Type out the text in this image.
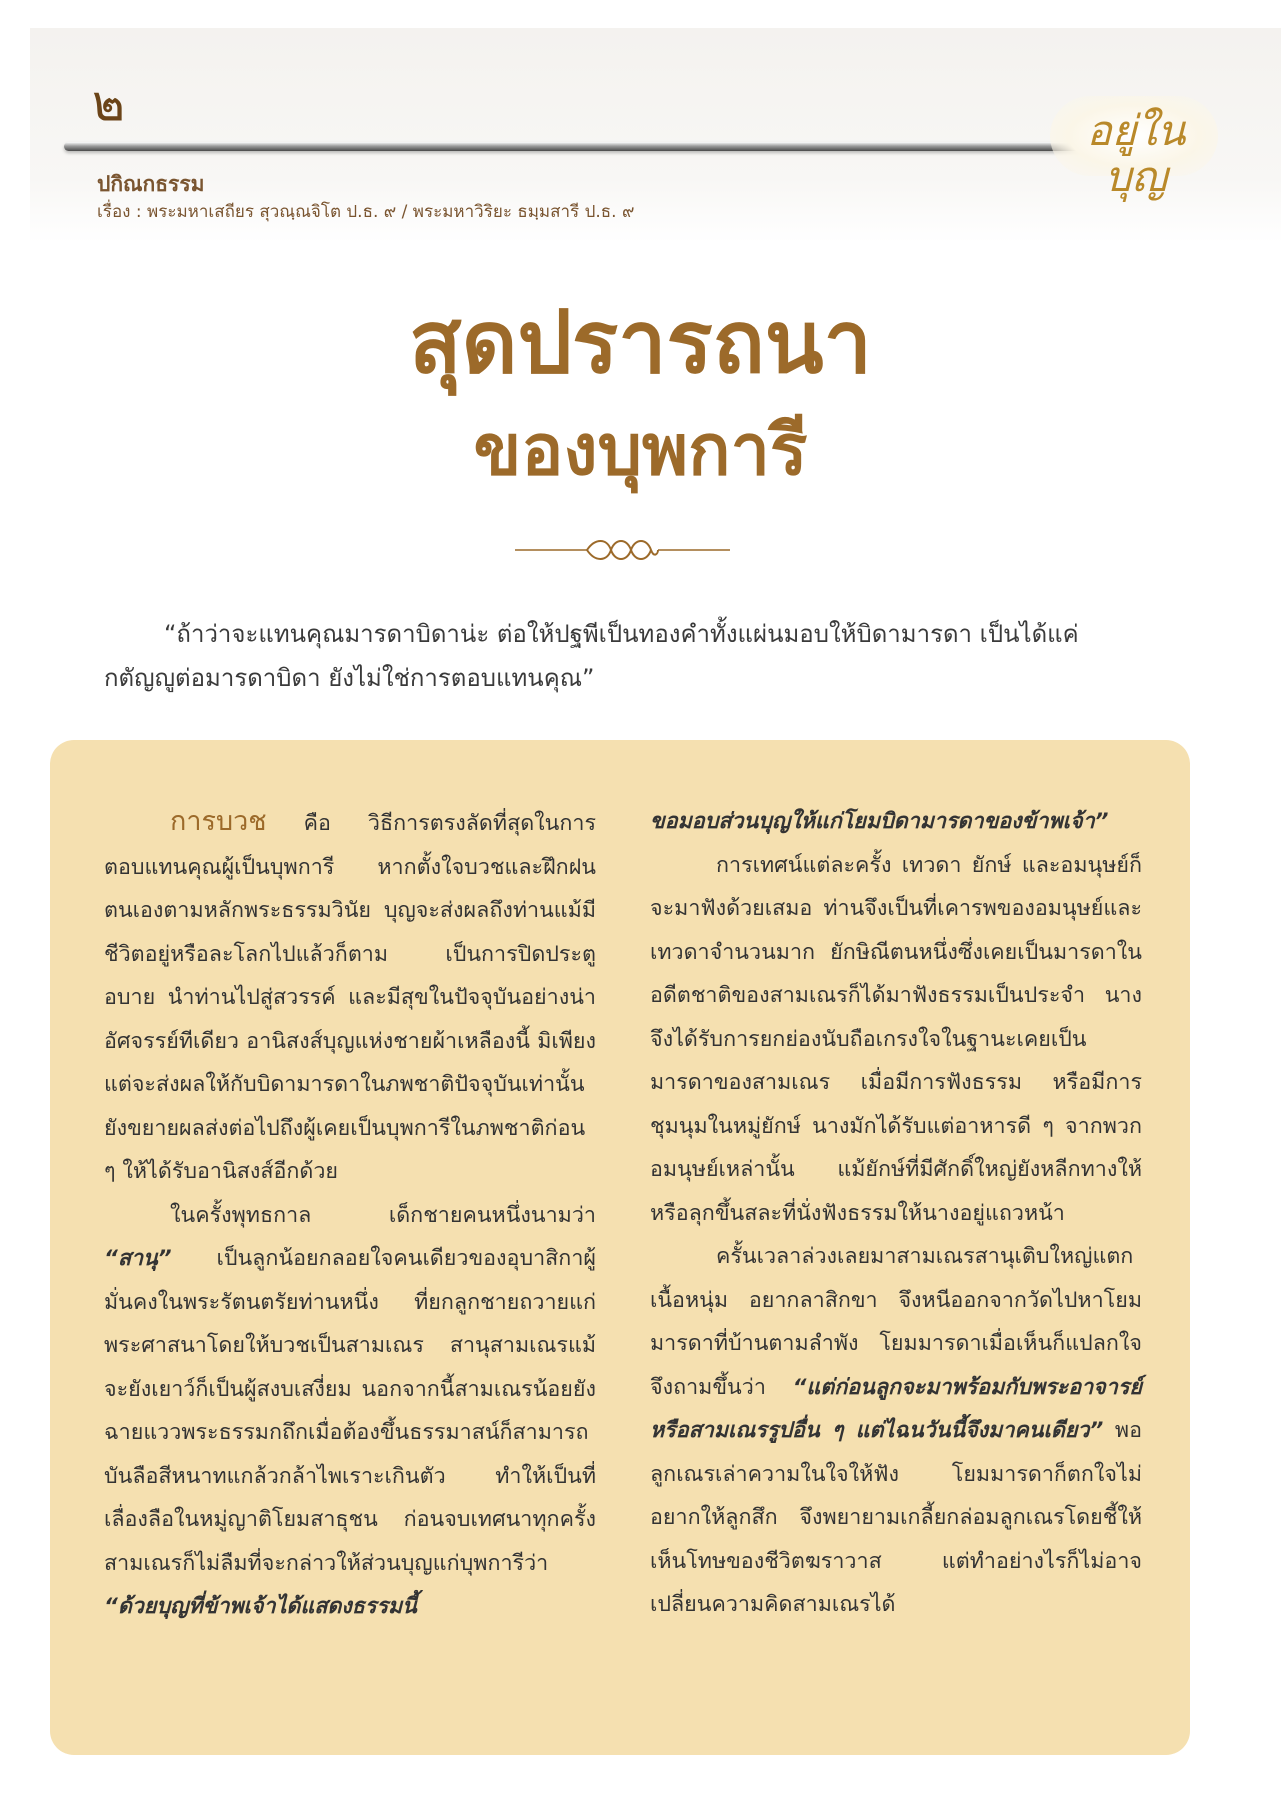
๒	อยู่ในบุญ
ปกิณกธรรม
เรื่อง : พระมหาเสถียร สุวณฺณจิโต ป.ธ. ๙ / พระมหาวิริยะ ธมฺมสารี ป.ธ. ๙
สุดปรารถนา
ของบุพการี
“ถ้าว่าจะแทนคุณมารดาบิดาน่ะ ต่อให้ปฐพีเป็นทองคำทั้งแผ่นมอบให้บิดามารดา เป็นได้แค่กตัญญูต่อมารดาบิดา ยังไม่ใช่การตอบแทนคุณ”

การบวช คือ วิธีการตรงลัดที่สุดในการตอบแทนคุณผู้เป็นบุพการี หากตั้งใจบวชและฝึกฝนตนเองตามหลักพระธรรมวินัย บุญจะส่งผลถึงท่านแม้มีชีวิตอยู่หรือละโลกไปแล้วก็ตาม เป็นการปิดประตูอบาย นำท่านไปสู่สวรรค์ และมีสุขในปัจจุบันอย่างน่าอัศจรรย์ทีเดียว อานิสงส์บุญแห่งชายผ้าเหลืองนี้ มิเพียงแต่จะส่งผลให้กับบิดามารดาในภพชาติปัจจุบันเท่านั้น ยังขยายผลส่งต่อไปถึงผู้เคยเป็นบุพการีในภพชาติก่อน ๆ ให้ได้รับอานิสงส์อีกด้วย

ในครั้งพุทธกาล เด็กชายคนหนึ่งนามว่า “สานุ” เป็นลูกน้อยกลอยใจคนเดียวของอุบาสิกาผู้มั่นคงในพระรัตนตรัยท่านหนึ่ง ที่ยกลูกชายถวายแก่พระศาสนาโดยให้บวชเป็นสามเณร สานุสามเณรแม้จะยังเยาว์ก็เป็นผู้สงบเสงี่ยม นอกจากนี้สามเณรน้อยยังฉายแววพระธรรมกถึกเมื่อต้องขึ้นธรรมาสน์ก็สามารถบันลือสีหนาทแกล้วกล้าไพเราะเกินตัว ทำให้เป็นที่เลื่องลือในหมู่ญาติโยมสาธุชน ก่อนจบเทศนาทุกครั้ง สามเณรก็ไม่ลืมที่จะกล่าวให้ส่วนบุญแก่บุพการีว่า “ด้วยบุญที่ข้าพเจ้าได้แสดงธรรมนี้

ขอมอบส่วนบุญให้แก่โยมบิดามารดาของข้าพเจ้า”

การเทศน์แต่ละครั้ง เทวดา ยักษ์ และอมนุษย์ก็จะมาฟังด้วยเสมอ ท่านจึงเป็นที่เคารพของอมนุษย์และเทวดาจำนวนมาก ยักษิณีตนหนึ่งซึ่งเคยเป็นมารดาในอดีตชาติของสามเณรก็ได้มาฟังธรรมเป็นประจำ นางจึงได้รับการยกย่องนับถือเกรงใจในฐานะเคยเป็นมารดาของสามเณร เมื่อมีการฟังธรรม หรือมีการชุมนุมในหมู่ยักษ์ นางมักได้รับแต่อาหารดี ๆ จากพวกอมนุษย์เหล่านั้น แม้ยักษ์ที่มีศักดิ์ใหญ่ยังหลีกทางให้ หรือลุกขึ้นสละที่นั่งฟังธรรมให้นางอยู่แถวหน้า

ครั้นเวลาล่วงเลยมาสามเณรสานุเติบใหญ่แตกเนื้อหนุ่ม อยากลาสิกขา จึงหนีออกจากวัดไปหาโยมมารดาที่บ้านตามลำพัง โยมมารดาเมื่อเห็นก็แปลกใจจึงถามขึ้นว่า “แต่ก่อนลูกจะมาพร้อมกับพระอาจารย์หรือสามเณรรูปอื่น ๆ แต่ไฉนวันนี้จึงมาคนเดียว” พอลูกเณรเล่าความในใจให้ฟัง โยมมารดาก็ตกใจไม่อยากให้ลูกสึก จึงพยายามเกลี้ยกล่อมลูกเณรโดยชี้ให้เห็นโทษของชีวิตฆราวาส แต่ทำอย่างไรก็ไม่อาจเปลี่ยนความคิดสามเณรได้
